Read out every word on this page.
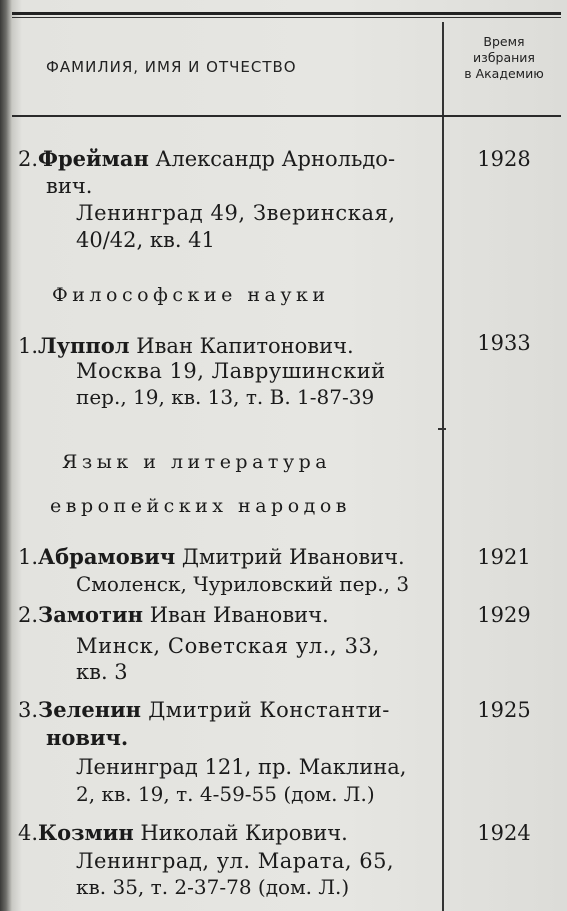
ФАМИЛИЯ, ИМЯ И ОТЧЕСТВО
Время
избрания
в Академию
2.Фрейман Александр Арнольдо-
вич.
Ленинград 49, Зверинская,
40/42, кв. 41
1928
Философские науки
1.Луппол Иван Капитонович.
Москва 19, Лаврушинский
пер., 19, кв. 13, т. В. 1-87-39
1933
Язык и литература
европейских народов
1.Абрамович Дмитрий Иванович.
Смоленск, Чуриловский пер., 3
1921
2.Замотин Иван Иванович.
Минск, Советская ул., 33,
кв. 3
1929
3.Зеленин Дмитрий Константи-
нович.
Ленинград 121, пр. Маклина,
2, кв. 19, т. 4-59-55 (дом. Л.)
1925
4.Козмин Николай Кирович.
Ленинград, ул. Марата, 65,
кв. 35, т. 2-37-78 (дом. Л.)
1924
